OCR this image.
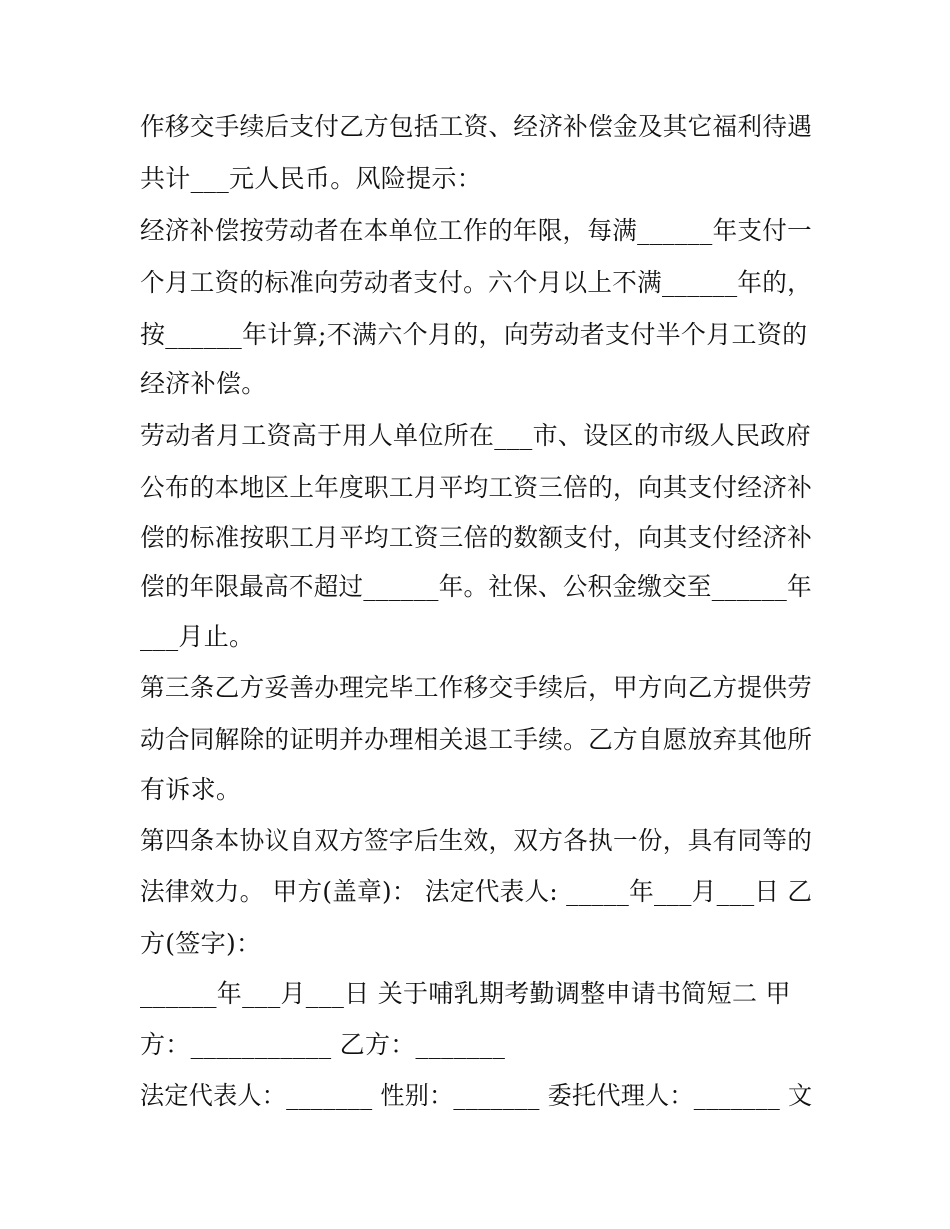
作移交手续后支付乙方包括工资、经济补偿金及其它福利待遇
共计___元人民币。风险提示：
经济补偿按劳动者在本单位工作的年限，每满______年支付一
个月工资的标准向劳动者支付。六个月以上不满______年的，
按______年计算;不满六个月的，向劳动者支付半个月工资的
经济补偿。
劳动者月工资高于用人单位所在___市、设区的市级人民政府
公布的本地区上年度职工月平均工资三倍的，向其支付经济补
偿的标准按职工月平均工资三倍的数额支付，向其支付经济补
偿的年限最高不超过______年。社保、公积金缴交至______年
___月止。
第三条乙方妥善办理完毕工作移交手续后，甲方向乙方提供劳
动合同解除的证明并办理相关退工手续。乙方自愿放弃其他所
有诉求。
第四条本协议自双方签字后生效，双方各执一份，具有同等的
法律效力。 甲方(盖章)： 法定代表人: _____年___月___日 乙
方(签字)：
______年___月___日 关于哺乳期考勤调整申请书简短二 甲
方：___________ 乙方：_______
法定代表人：_______ 性别：_______ 委托代理人：_______ 文
